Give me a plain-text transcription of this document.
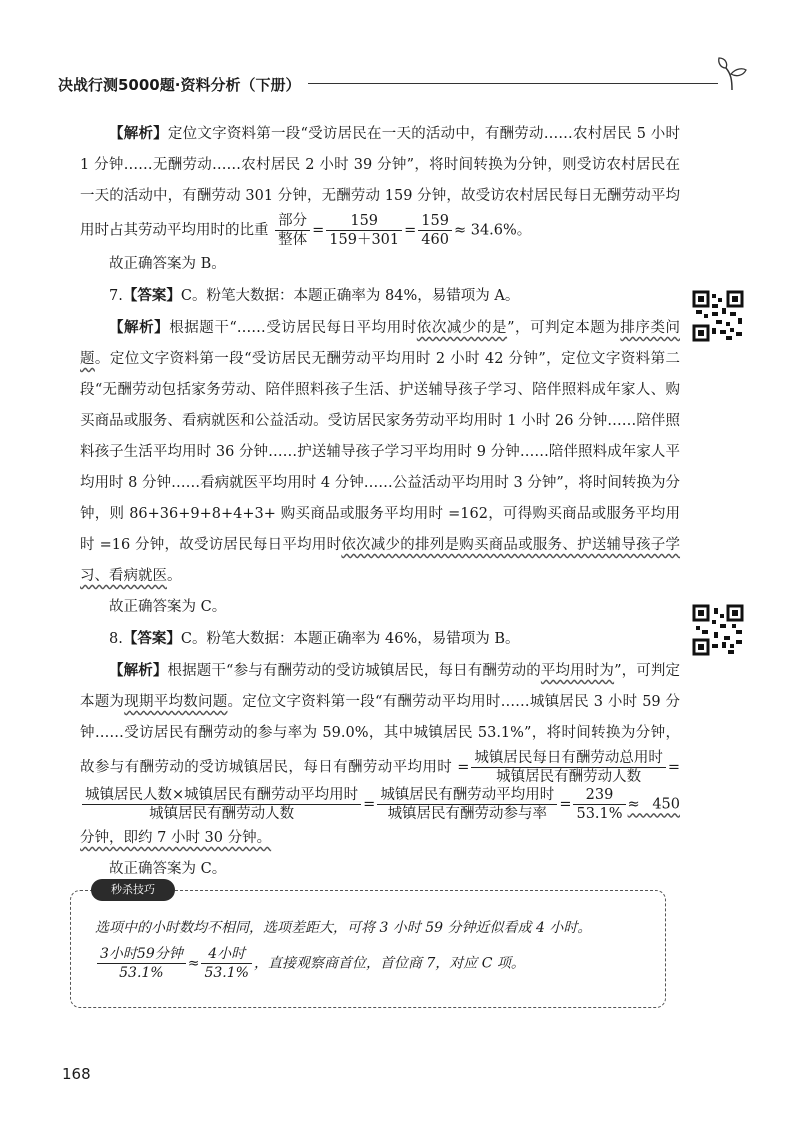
决战行测5000题·资料分析（下册）

【解析】定位文字资料第一段“受访居民在一天的活动中，有酬劳动……农村居民 5 小时 1 分钟……无酬劳动……农村居民 2 小时 39 分钟”，将时间转换为分钟，则受访农村居民在一天的活动中，有酬劳动 301 分钟，无酬劳动 159 分钟，故受访农村居民每日无酬劳动平均用时占其劳动平均用时的比重 $\frac{\text{部分}}{\text{整体}} = \frac{159}{159+301} = \frac{159}{460} \approx 34.6\%$。

故正确答案为 B。

7.【答案】C。粉笔大数据：本题正确率为 84%，易错项为 A。

【解析】根据题干“……受访居民每日平均用时依次减少的是”，可判定本题为排序类问题。定位文字资料第一段“受访居民无酬劳动平均用时 2 小时 42 分钟”，定位文字资料第二段“无酬劳动包括家务劳动、陪伴照料孩子生活、护送辅导孩子学习、陪伴照料成年家人、购买商品或服务、看病就医和公益活动。受访居民家务劳动平均用时 1 小时 26 分钟……陪伴照料孩子生活平均用时 36 分钟……护送辅导孩子学习平均用时 9 分钟……陪伴照料成年家人平均用时 8 分钟……看病就医平均用时 4 分钟……公益活动平均用时 3 分钟”，将时间转换为分钟，则 86+36+9+8+4+3+ 购买商品或服务平均用时 =162，可得购买商品或服务平均用时 =16 分钟，故受访居民每日平均用时依次减少的排列是购买商品或服务、护送辅导孩子学习、看病就医。

故正确答案为 C。

8.【答案】C。粉笔大数据：本题正确率为 46%，易错项为 B。

【解析】根据题干“参与有酬劳动的受访城镇居民，每日有酬劳动的平均用时为”，可判定本题为现期平均数问题。定位文字资料第一段“有酬劳动平均用时……城镇居民 3 小时 59 分钟……受访居民有酬劳动的参与率为 59.0%，其中城镇居民 53.1%”，将时间转换为分钟，故参与有酬劳动的受访城镇居民，每日有酬劳动平均用时 = $\frac{\text{城镇居民每日有酬劳动总用时}}{\text{城镇居民有酬劳动人数}}$ =
$\frac{\text{城镇居民人数×城镇居民有酬劳动平均用时}}{\text{城镇居民有酬劳动人数}} = \frac{\text{城镇居民有酬劳动平均用时}}{\text{城镇居民有酬劳动参与率}} = \frac{239}{53.1\%} \approx 450$ 分钟，即约 7 小时 30 分钟。

故正确答案为 C。

秒杀技巧
选项中的小时数均不相同，选项差距大，可将 3 小时 59 分钟近似看成 4 小时。
$\frac{\text{3小时59分钟}}{53.1\%} \approx \frac{\text{4小时}}{53.1\%}$ ，直接观察商首位，首位商 7，对应 C 项。
168
